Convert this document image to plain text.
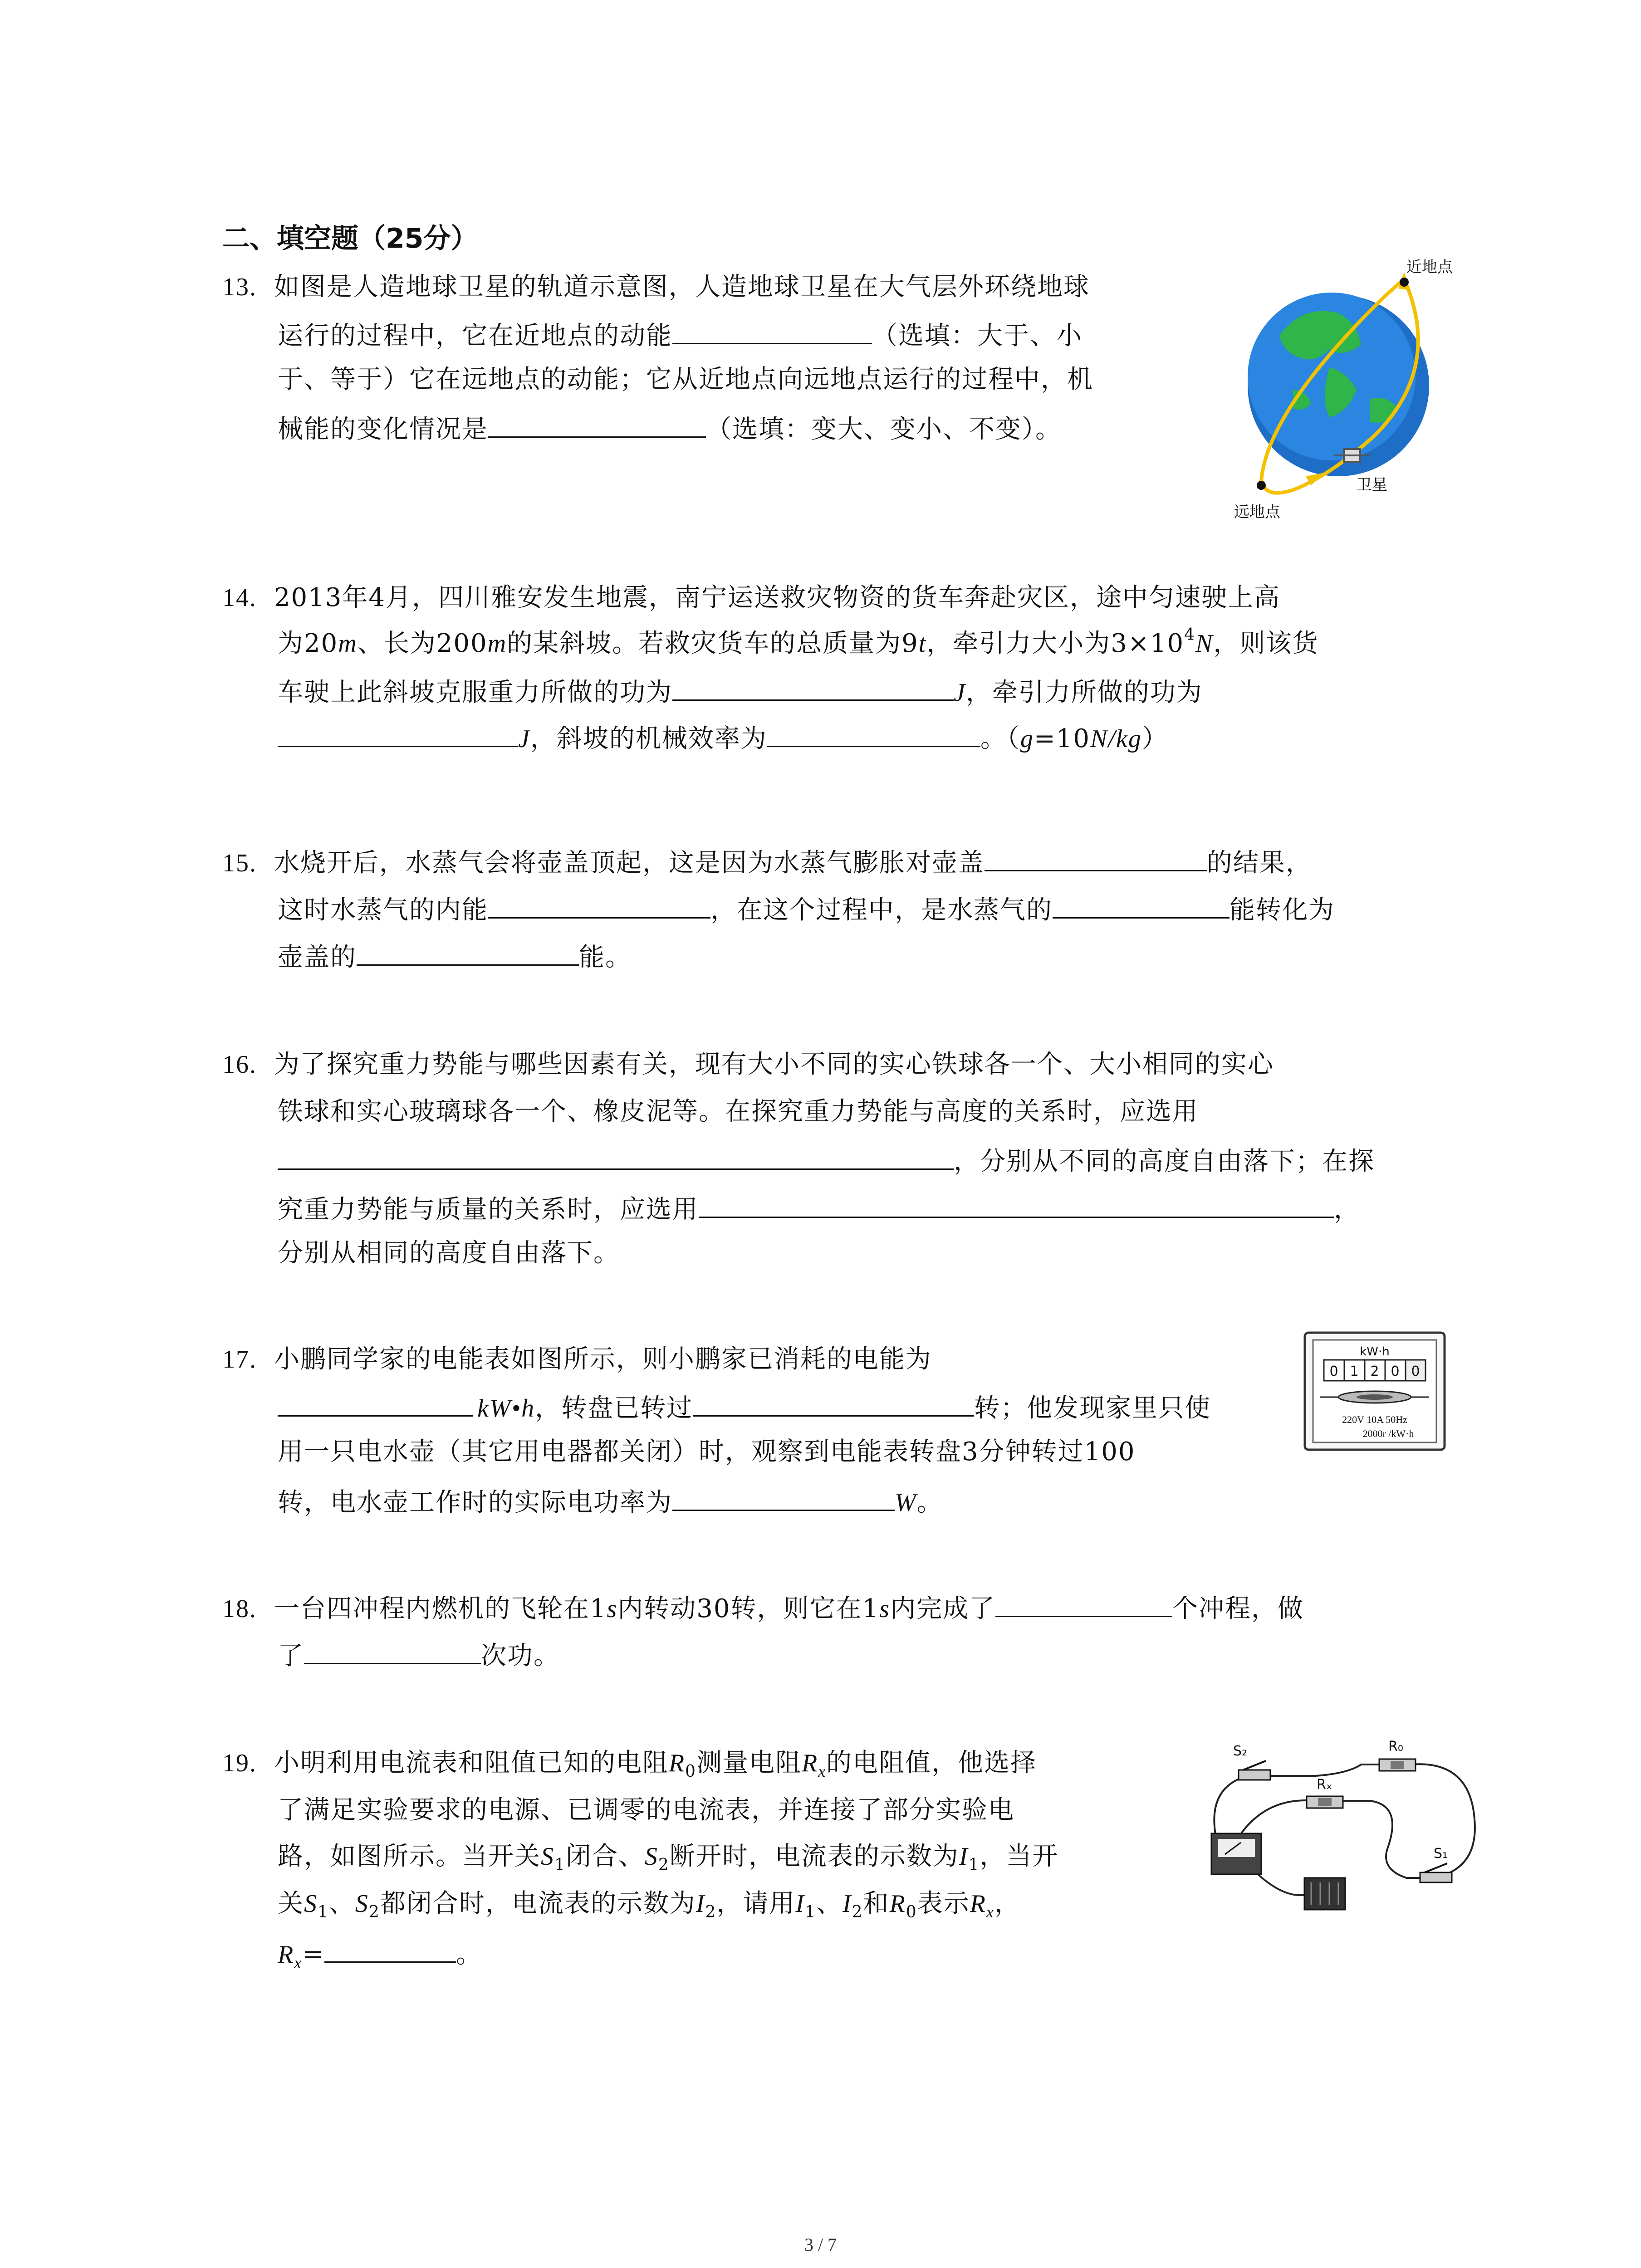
二、填空题（25分）
13. 如图是人造地球卫星的轨道示意图，人造地球卫星在大气层外环绕地球
运行的过程中，它在近地点的动能	（选填：大于、小
于、等于）它在远地点的动能；它从近地点向远地点运行的过程中，机
械能的变化情况是	（选填：变大、变小、不变）。
近地点
远地点
卫星
14. 2013年4月，四川雅安发生地震，南宁运送救灾物资的货车奔赴灾区，途中匀速驶上高
为20m、长为200m的某斜坡。若救灾货车的总质量为9t，牵引力大小为$3\times 10^4N$，则该货
车驶上此斜坡克服重力所做的功为	J，牵引力所做的功为
J，斜坡的机械效率为	。（g=10N/kg）
15. 水烧开后，水蒸气会将壶盖顶起，这是因为水蒸气膨胀对壶盖	的结果，
这时水蒸气的内能	，在这个过程中，是水蒸气的	能转化为
壶盖的	能。
16. 为了探究重力势能与哪些因素有关，现有大小不同的实心铁球各一个、大小相同的实心
铁球和实心玻璃球各一个、橡皮泥等。在探究重力势能与高度的关系时，应选用
，分别从不同的高度自由落下；在探
究重力势能与质量的关系时，应选用	，
分别从相同的高度自由落下。
17. 小鹏同学家的电能表如图所示，则小鹏家已消耗的电能为
kW•h，转盘已转过	转；他发现家里只使
用一只电水壶（其它用电器都关闭）时，观察到电能表转盘3分钟转过100
转，电水壶工作时的实际电功率为	W。
kW·h
0 1 2 0 0
220V 10A 50Hz
2000r /kW·h
18. 一台四冲程内燃机的飞轮在1s内转动30转，则它在1s内完成了	个冲程，做
了	次功。
19. 小明利用电流表和阻值已知的电阻$R_0$测量电阻$R_x$的电阻值，他选择
了满足实验要求的电源、已调零的电流表，并连接了部分实验电
路，如图所示。当开关$S_1$闭合、$S_2$断开时，电流表的示数为$I_1$，当开
关$S_1$、$S_2$都闭合时，电流表的示数为$I_2$，请用$I_1$、$I_2$和$R_0$表示$R_x$，
$R_x=$	。
S₂	R₀
Rₓ
S₁
3 / 7
